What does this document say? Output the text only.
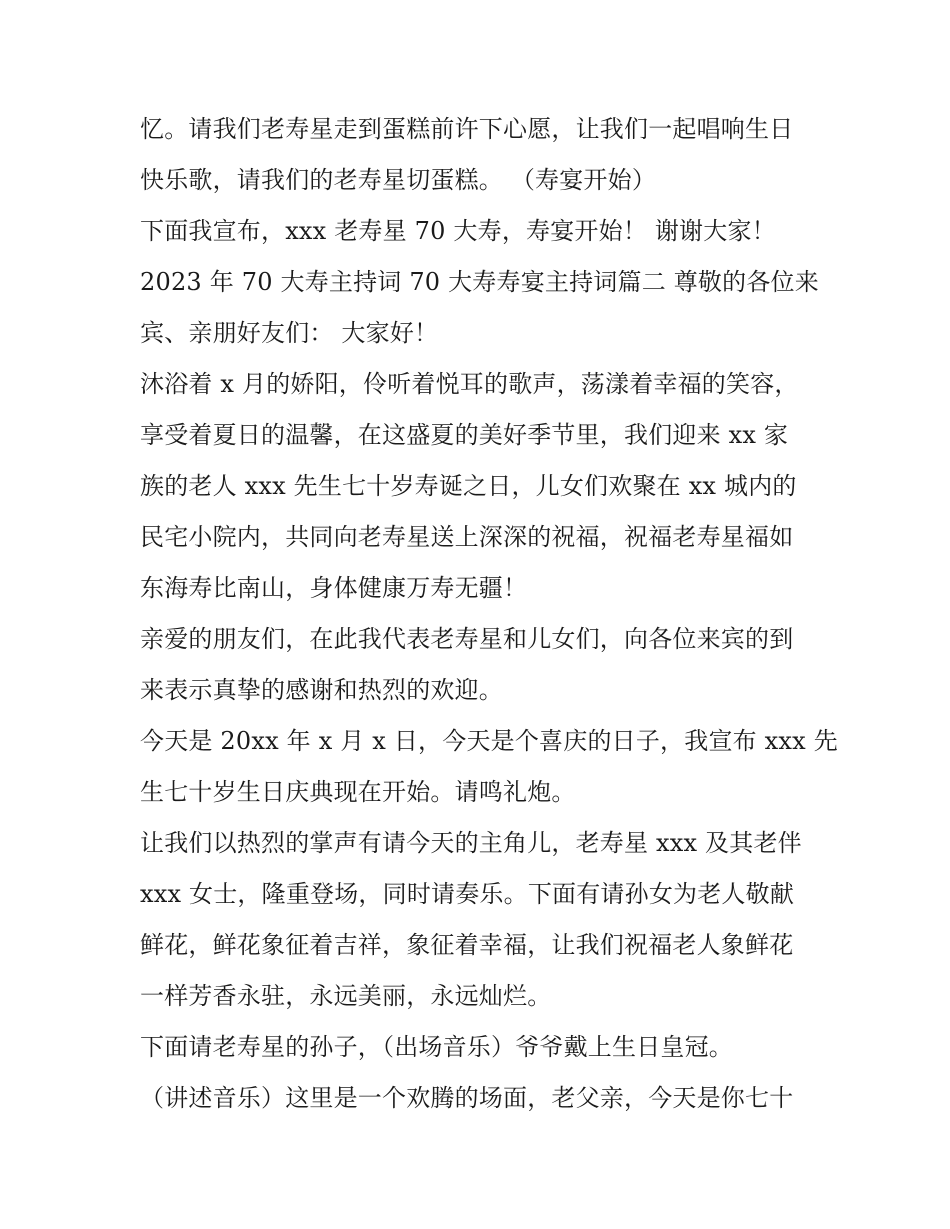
忆。请我们老寿星走到蛋糕前许下心愿，让我们一起唱响生日
快乐歌，请我们的老寿星切蛋糕。 （寿宴开始）
下面我宣布，xxx 老寿星 70 大寿，寿宴开始！ 谢谢大家！
2023 年 70 大寿主持词 70 大寿寿宴主持词篇二 尊敬的各位来
宾、亲朋好友们： 大家好！
沐浴着 x 月的娇阳，伶听着悦耳的歌声，荡漾着幸福的笑容，
享受着夏日的温馨，在这盛夏的美好季节里，我们迎来 xx 家
族的老人 xxx 先生七十岁寿诞之日，儿女们欢聚在 xx 城内的
民宅小院内，共同向老寿星送上深深的祝福，祝福老寿星福如
东海寿比南山，身体健康万寿无疆！
亲爱的朋友们，在此我代表老寿星和儿女们，向各位来宾的到
来表示真挚的感谢和热烈的欢迎。
今天是 20xx 年 x 月 x 日，今天是个喜庆的日子，我宣布 xxx 先
生七十岁生日庆典现在开始。请鸣礼炮。
让我们以热烈的掌声有请今天的主角儿，老寿星 xxx 及其老伴
xxx 女士，隆重登场，同时请奏乐。下面有请孙女为老人敬献
鲜花，鲜花象征着吉祥，象征着幸福，让我们祝福老人象鲜花
一样芳香永驻，永远美丽，永远灿烂。
下面请老寿星的孙子，（出场音乐）爷爷戴上生日皇冠。
（讲述音乐）这里是一个欢腾的场面，老父亲，今天是你七十
